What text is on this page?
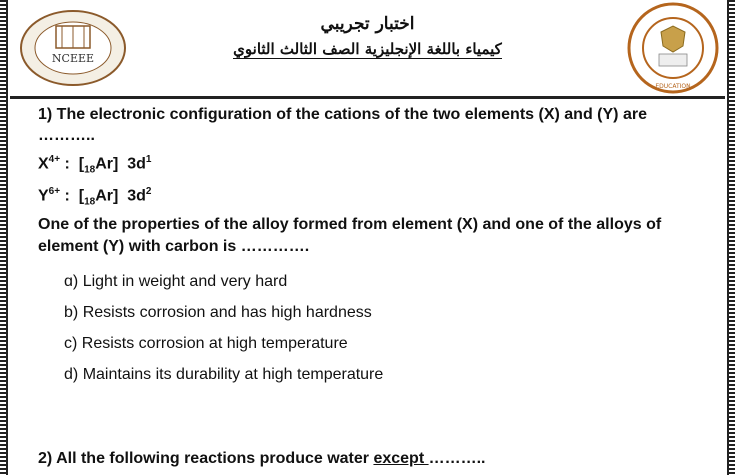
NCEEE
اختبار تجريبي
كيمياء باللغة الإنجليزية الصف الثالث الثانوي
EDUCATION

1) The electronic configuration of the cations of the two elements (X) and (Y) are ………..

$X^{4+}$ :  $[_{18}Ar]$  $3d^1$
$Y^{6+}$ :  $[_{18}Ar]$  $3d^2$
One of the properties of the alloy formed from element (X) and one of the alloys of element (Y) with carbon is ………….
ɑ) Light in weight and very hard
b) Resists corrosion and has high hardness
c) Resists corrosion at high temperature
d) Maintains its durability at high temperature
2) All the following reactions produce water except ………..
